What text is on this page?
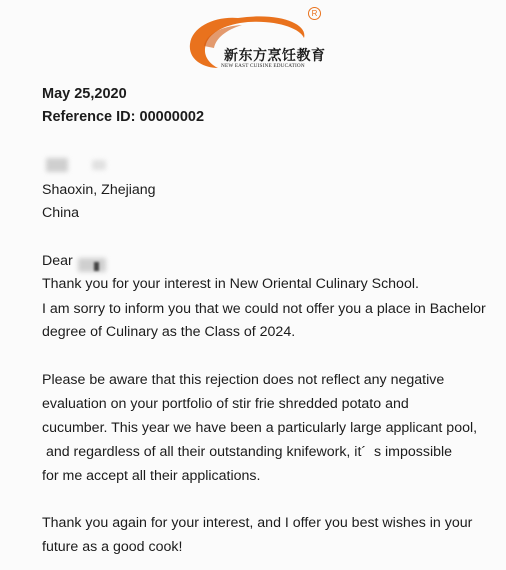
R
新东方烹饪教育
NEW EAST CUISINE EDUCATION
May 25,2020
Reference ID: 00000002
Shaoxin, Zhejiang
China
Dear
Thank you for your interest in New Oriental Culinary School.
I am sorry to inform you that we could not offer you a place in Bachelor
degree of Culinary as the Class of 2024.
Please be aware that this rejection does not reflect any negative
evaluation on your portfolio of stir frie shredded potato and
cucumber. This year we have been a particularly large applicant pool,
and regardless of all their outstanding knifework, it´  s impossible
for me accept all their applications.
Thank you again for your interest, and I offer you best wishes in your
future as a good cook!
